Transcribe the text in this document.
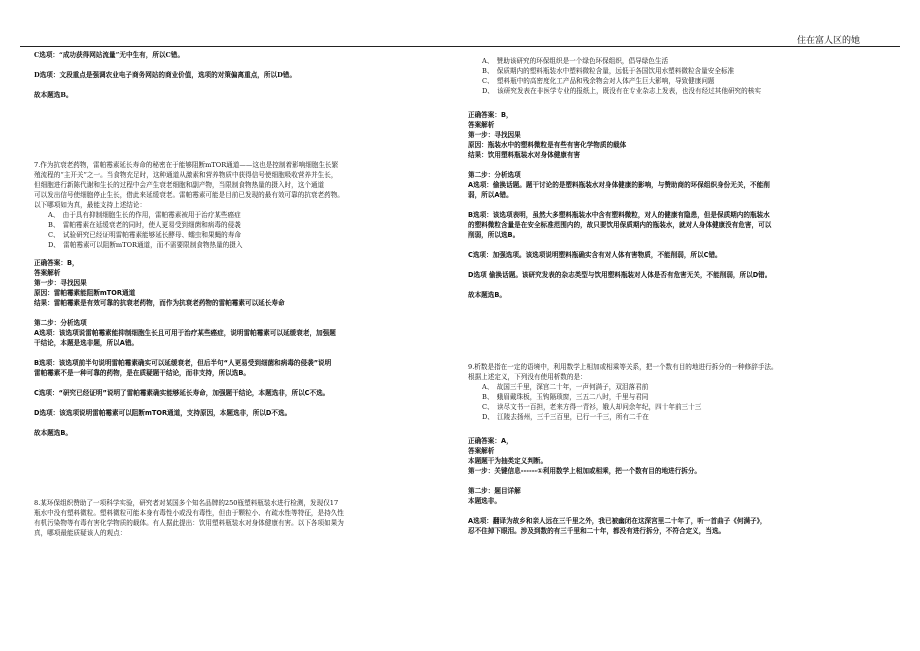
住在富人区的她

C选项：“成功获得网站流量”无中生有，所以C错。

D选项：文段重点是强调农业电子商务网站的商业价值，选项的对策偏离重点，所以D错。

故本题选B。

7.作为抗衰老药物，雷帕霉素延长寿命的秘密在于能够阻断mTOR通道——这也是控制着影响细胞生长繁

殖流程的“主开关”之一。当食物充足时，这种通道从激素和营养物质中获得信号使细胞吸收营养并生长，

但细胞进行新陈代谢和生长的过程中会产生衰老细胞和副产物，当限制食物热量的摄入时，这个通道

可以发出信号使细胞停止生长，借此来延缓衰老。雷帕霉素可能是目前已发现的最有效可靠的抗衰老药物。

以下哪项如为真，最能支持上述结论：

A、　由于具有抑制细胞生长的作用，雷帕霉素被用于治疗某些癌症

B、　雷帕霉素在延缓衰老的同时，使人更易受到细菌和病毒的侵袭

C、　试验研究已经证明雷帕霉素能够延长酵母、蠕虫和果蝇的寿命

D、　雷帕霉素可以阻断mTOR通道，而不需要限制食物热量的摄入

正确答案：B，

答案解析

第一步：寻找因果

原因：雷帕霉素能阻断mTOR通道

结果：雷帕霉素是有效可靠的抗衰老药物，而作为抗衰老药物的雷帕霉素可以延长寿命

第二步：分析选项

A选项：该选项说雷帕霉素能抑制细胞生长且可用于治疗某些癌症，说明雷帕霉素可以延缓衰老，加强题

干结论，本题是选非题，所以A错。

B选项：该选项前半句说明雷帕霉素确实可以延缓衰老，但后半句“人更易受到细菌和病毒的侵袭”说明

雷帕霉素不是一种可靠的药物，是在质疑题干结论，而非支持，所以选B。

C选项：“研究已经证明”说明了雷帕霉素确实能够延长寿命，加强题干结论，本题选非，所以C不选。

D选项：该选项说明雷帕霉素可以阻断mTOR通道，支持原因，本题选非，所以D不选。

故本题选B。

8.某环保组织赞助了一项科学实验，研究者对某国多个知名品牌的250瓶塑料瓶装水进行检测，发现仅17

瓶水中没有塑料微粒。塑料微粒可能本身有毒性小或没有毒性，但由于颗粒小、有疏水性等特征，是持久性

有机污染物等有毒有害化学物质的载体。有人据此提出：饮用塑料瓶装水对身体健康有害。以下各项如果为

真，哪项最能质疑该人的观点：

A、　赞助该研究的环保组织是一个绿色环保组织，倡导绿色生活

B、　保质期内的塑料瓶装水中塑料微粒含量，远低于各国饮用水塑料微粒含量安全标准

C、　塑料瓶中的高密度化工产品和残余物会对人体产生巨大影响，导致健康问题

D、　该研究发表在非医学专业的报纸上，既没有在专业杂志上发表，也没有经过其他研究的核实

正确答案：B，

答案解析

第一步：寻找因果

原因：瓶装水中的塑料微粒是有些有害化学物质的载体

结果：饮用塑料瓶装水对身体健康有害

第二步：分析选项

A选项：偷换话题。题干讨论的是塑料瓶装水对身体健康的影响，与赞助商的环保组织身份无关，不能削

弱，所以A错。

B选项：该选项表明，虽然大多塑料瓶装水中含有塑料微粒，对人的健康有隐患，但是保质期内的瓶装水

的塑料微粒含量是在安全标准范围内的，故只要饮用保质期内的瓶装水，就对人身体健康没有危害，可以

削弱，所以选B。

C选项：加强选项。该选项说明塑料瓶确实含有对人体有害物质，不能削弱，所以C错。

D选项 偷换话题。该研究发表的杂志类型与饮用塑料瓶装对人体是否有危害无关，不能削弱，所以D错。

故本题选B。

9.析数是指在一定的语境中，利用数学上相加或相乘等关系，把一个数有目的地进行拆分的一种修辞手法。

根据上述定义，下列没有使用析数的是：

A、　故国三千里，深宫二十年，一声何满子，双泪落君前

B、　蛾眉戴珠板，玉钩隔琐窗，三五二八时，千里与君同

C、　读尽文书一百担，老来方得一青衫，娥人却问余年纪，四十年前三十三

D、　江陵去扬州，三千三百里，已行一千三，所有二千在

正确答案：A，

答案解析

本题题干为抽类定义判断。

第一步：关键信息------①利用数学上相加或相乘，把一个数有目的地进行拆分。

第二步：题目详解

本题选非。

A选项：翻译为故乡和亲人远在三千里之外，我已被幽闭在这深宫里二十年了，听一首曲子《何满子》，

忍不住掉下眼泪。涉及到数的有三千里和二十年，都没有进行拆分，不符合定义，当选。
